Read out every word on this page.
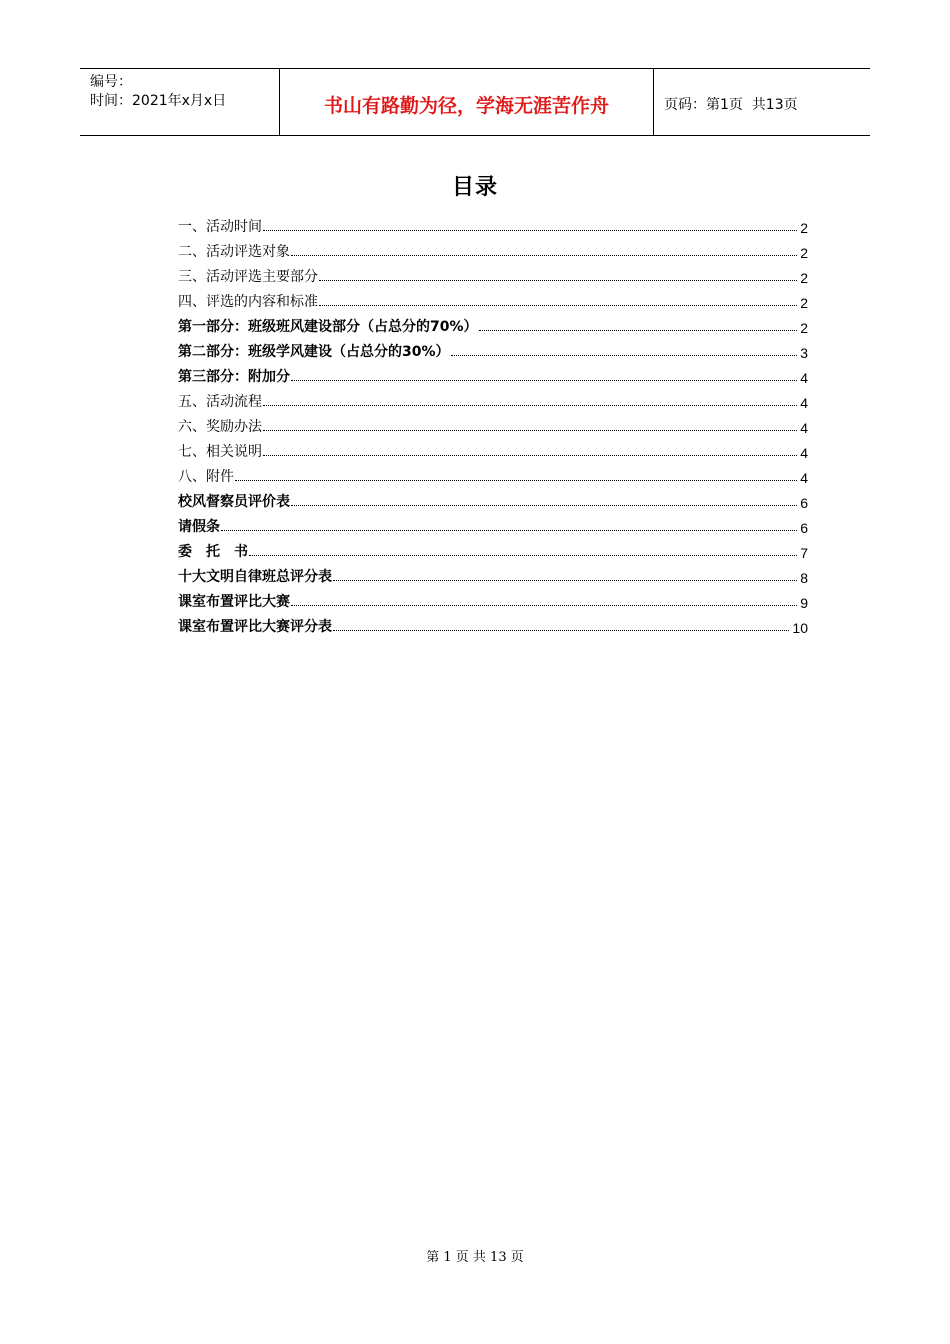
编号：
时间：2021年x月x日	书山有路勤为径，学海无涯苦作舟	页码：第1页  共13页
目录
一、活动时间	2
二、活动评选对象	2
三、活动评选主要部分	2
四、评选的内容和标准	2
第一部分：班级班风建设部分（占总分的70%）	2
第二部分：班级学风建设（占总分的30%）	3
第三部分：附加分	4
五、活动流程	4
六、奖励办法	4
七、相关说明	4
八、附件	4
校风督察员评价表	6
请假条	6
委　托　书	7
十大文明自律班总评分表	8
课室布置评比大赛	9
课室布置评比大赛评分表	10
第 1 页 共 13 页
